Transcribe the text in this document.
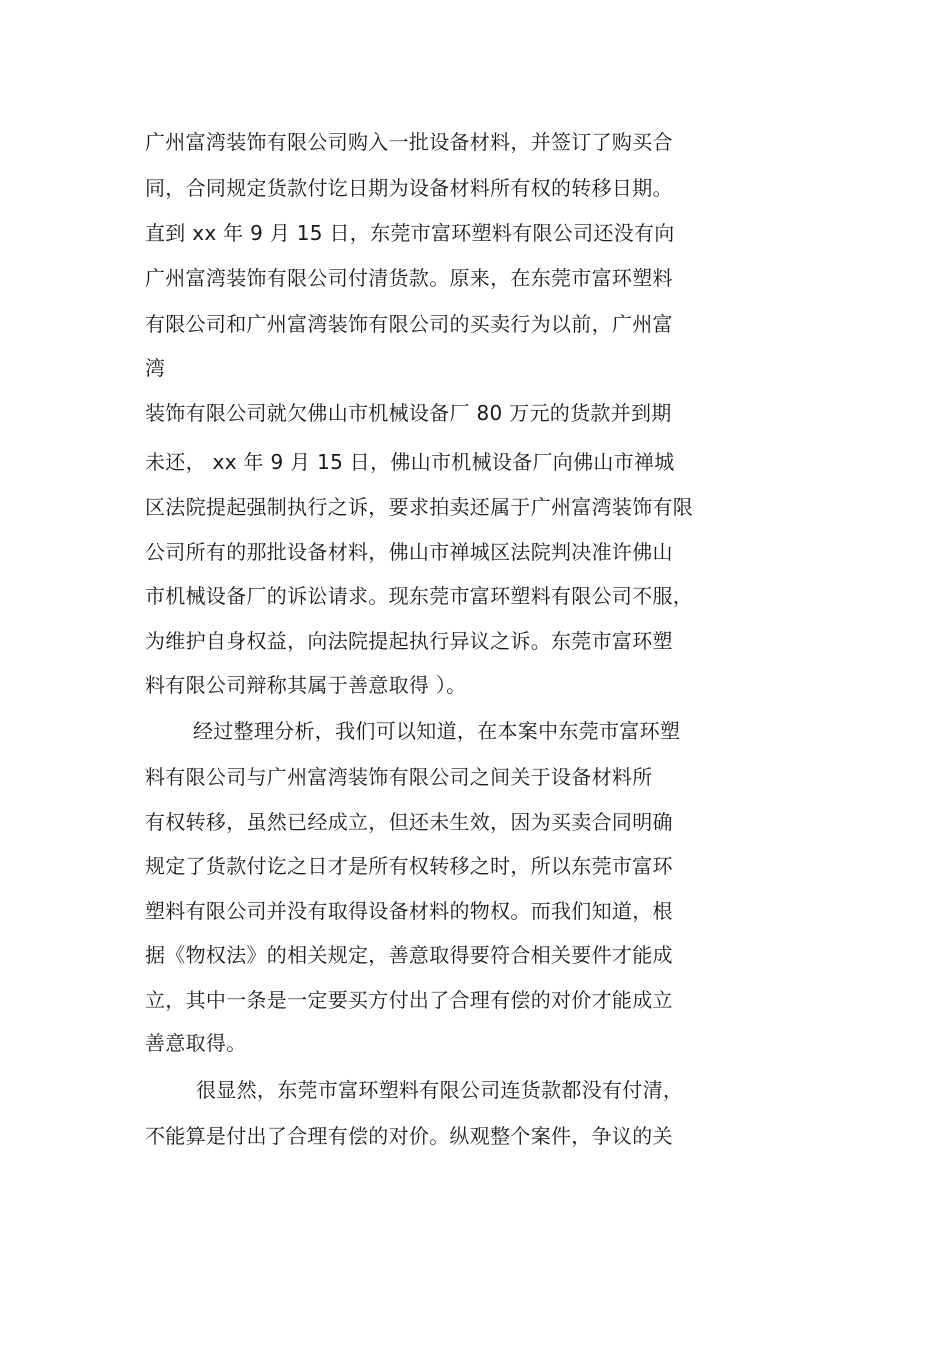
广州富湾装饰有限公司购入一批设备材料，并签订了购买合

同，合同规定货款付讫日期为设备材料所有权的转移日期。

直到 xx 年 9 月 15 日，东莞市富环塑料有限公司还没有向

广州富湾装饰有限公司付清货款。原来，在东莞市富环塑料

有限公司和广州富湾装饰有限公司的买卖行为以前，广州富

湾

装饰有限公司就欠佛山市机械设备厂 80 万元的货款并到期

未还， xx 年 9 月 15 日，佛山市机械设备厂向佛山市禅城

区法院提起强制执行之诉，要求拍卖还属于广州富湾装饰有限

公司所有的那批设备材料，佛山市禅城区法院判决准许佛山

市机械设备厂的诉讼请求。现东莞市富环塑料有限公司不服，

为维护自身权益，向法院提起执行异议之诉。东莞市富环塑

料有限公司辩称其属于善意取得 ）。

经过整理分析，我们可以知道，在本案中东莞市富环塑

料有限公司与广州富湾装饰有限公司之间关于设备材料所

有权转移，虽然已经成立，但还未生效，因为买卖合同明确

规定了货款付讫之日才是所有权转移之时，所以东莞市富环

塑料有限公司并没有取得设备材料的物权。而我们知道，根

据《物权法》的相关规定，善意取得要符合相关要件才能成

立，其中一条是一定要买方付出了合理有偿的对价才能成立

善意取得。

很显然，东莞市富环塑料有限公司连货款都没有付清，

不能算是付出了合理有偿的对价。纵观整个案件，争议的关
